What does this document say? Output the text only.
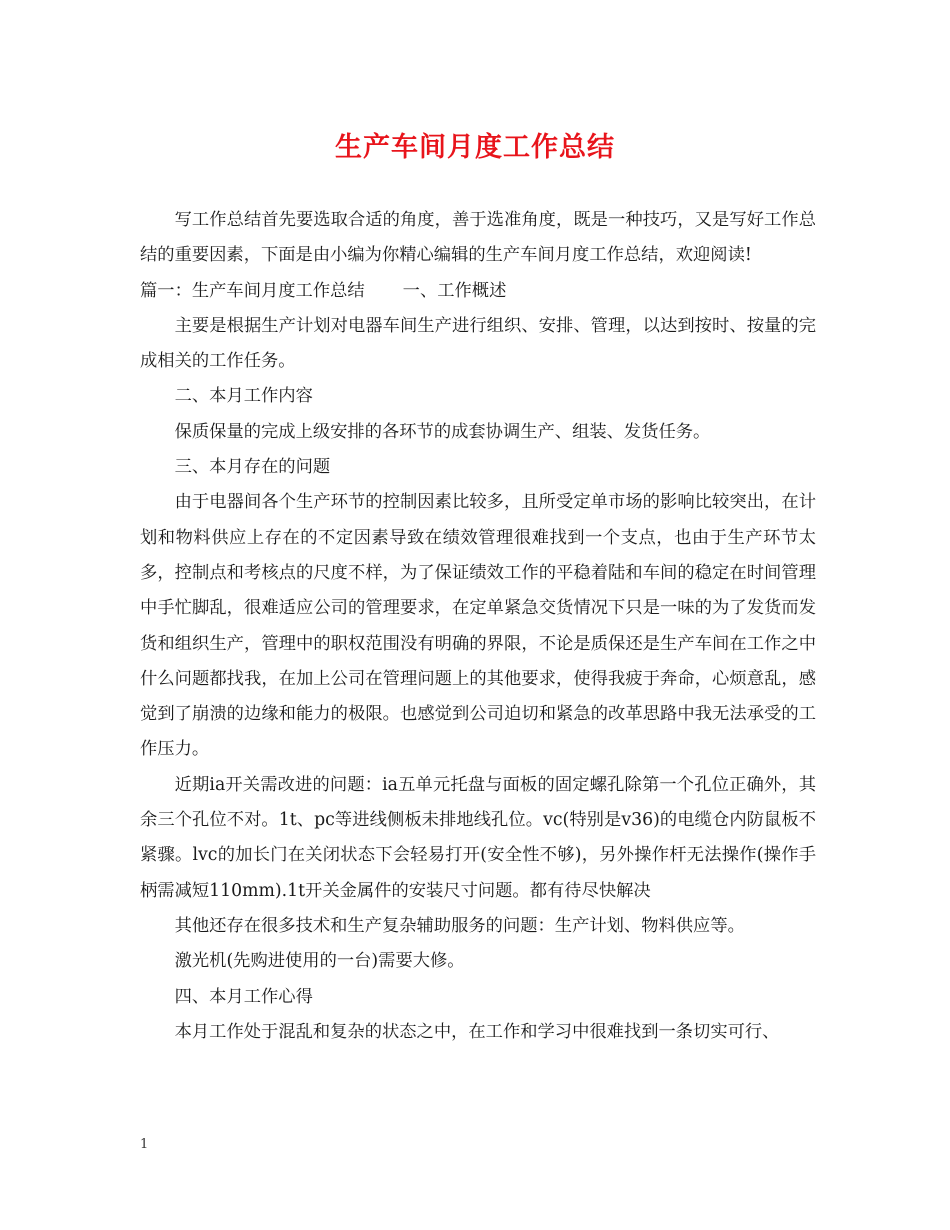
生产车间月度工作总结

写工作总结首先要选取合适的角度，善于选准角度，既是一种技巧，又是写好工作总结的重要因素，下面是由小编为你精心编辑的生产车间月度工作总结，欢迎阅读!

篇一：生产车间月度工作总结 一、工作概述

主要是根据生产计划对电器车间生产进行组织、安排、管理，以达到按时、按量的完成相关的工作任务。

二、本月工作内容

保质保量的完成上级安排的各环节的成套协调生产、组装、发货任务。

三、本月存在的问题

由于电器间各个生产环节的控制因素比较多，且所受定单市场的影响比较突出，在计划和物料供应上存在的不定因素导致在绩效管理很难找到一个支点，也由于生产环节太多，控制点和考核点的尺度不样，为了保证绩效工作的平稳着陆和车间的稳定在时间管理中手忙脚乱，很难适应公司的管理要求，在定单紧急交货情况下只是一味的为了发货而发货和组织生产，管理中的职权范围没有明确的界限，不论是质保还是生产车间在工作之中什么问题都找我，在加上公司在管理问题上的其他要求，使得我疲于奔命，心烦意乱，感觉到了崩溃的边缘和能力的极限。也感觉到公司迫切和紧急的改革思路中我无法承受的工作压力。

近期ia开关需改进的问题：ia五单元托盘与面板的固定螺孔除第一个孔位正确外，其余三个孔位不对。1t、pc等进线侧板未排地线孔位。vc(特别是v36)的电缆仓内防鼠板不紧骤。lvc的加长门在关闭状态下会轻易打开(安全性不够)，另外操作杆无法操作(操作手柄需减短110mm).1t开关金属件的安装尺寸问题。都有待尽快解决

其他还存在很多技术和生产复杂辅助服务的问题：生产计划、物料供应等。

激光机(先购进使用的一台)需要大修。

四、本月工作心得

本月工作处于混乱和复杂的状态之中，在工作和学习中很难找到一条切实可行、

1
